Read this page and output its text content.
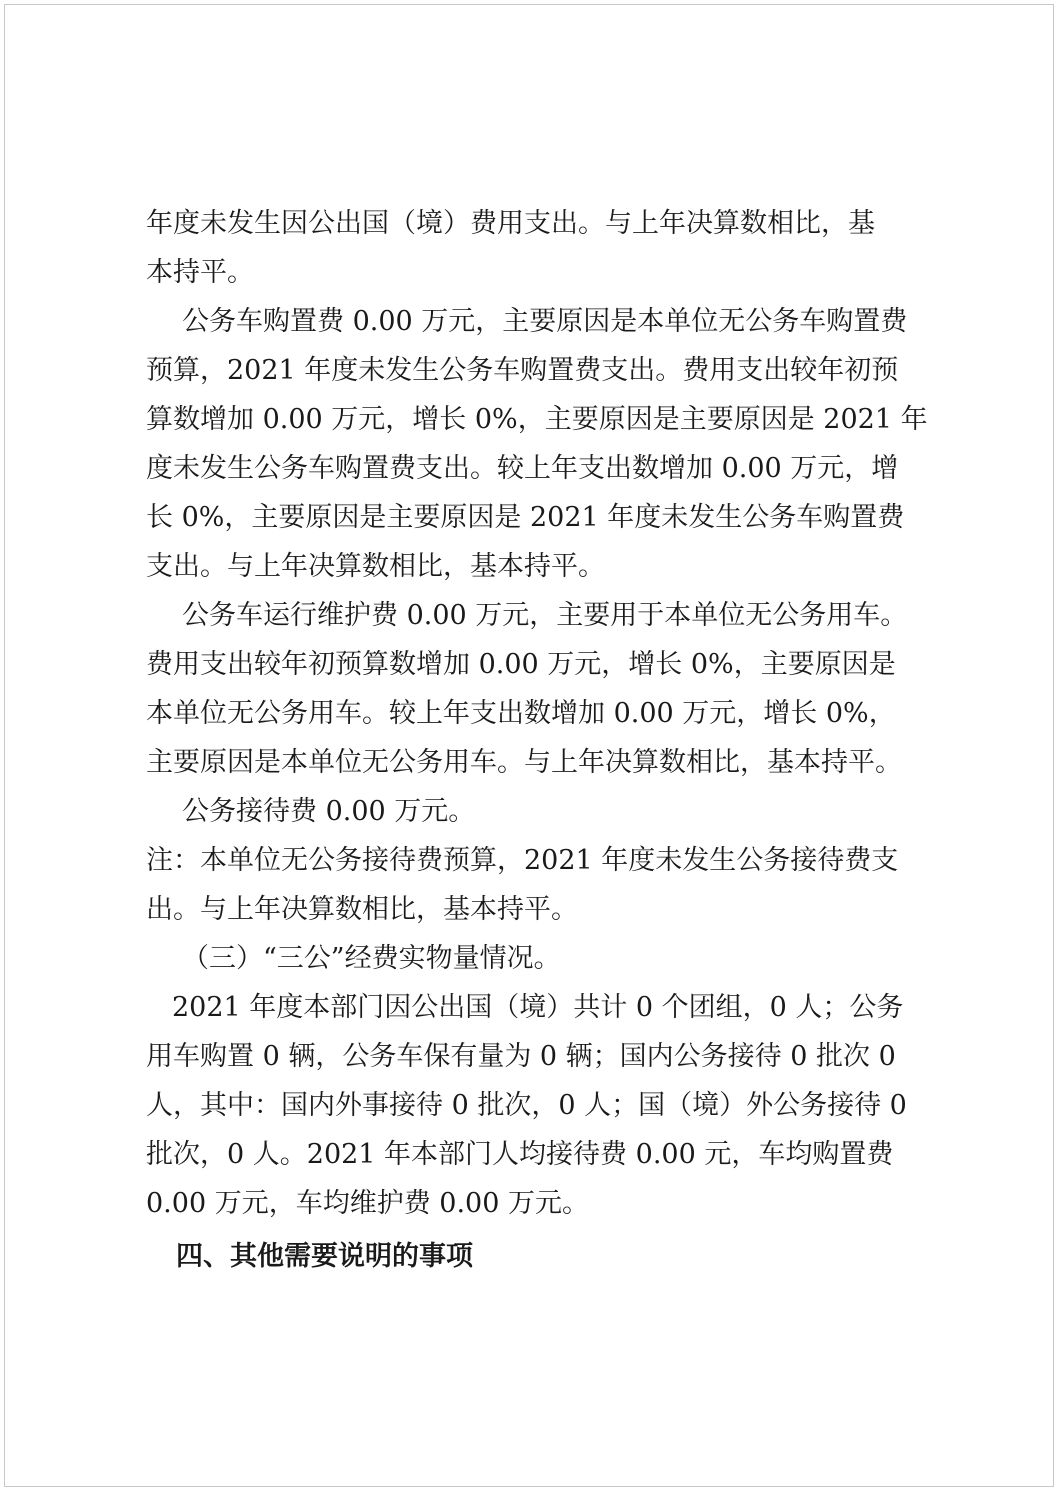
年度未发生因公出国（境）费用支出。与上年决算数相比，基
本持平。
公务车购置费 0.00 万元，主要原因是本单位无公务车购置费
预算，2021 年度未发生公务车购置费支出。费用支出较年初预
算数增加 0.00 万元，增长 0%，主要原因是主要原因是 2021 年
度未发生公务车购置费支出。较上年支出数增加 0.00 万元，增
长 0%，主要原因是主要原因是 2021 年度未发生公务车购置费
支出。与上年决算数相比，基本持平。
公务车运行维护费 0.00 万元，主要用于本单位无公务用车。
费用支出较年初预算数增加 0.00 万元，增长 0%，主要原因是
本单位无公务用车。较上年支出数增加 0.00 万元，增长 0%，
主要原因是本单位无公务用车。与上年决算数相比，基本持平。
公务接待费 0.00 万元。
注：本单位无公务接待费预算，2021 年度未发生公务接待费支
出。与上年决算数相比，基本持平。
（三）“三公”经费实物量情况。
2021 年度本部门因公出国（境）共计 0 个团组，0 人；公务
用车购置 0 辆，公务车保有量为 0 辆；国内公务接待 0 批次 0
人，其中：国内外事接待 0 批次，0 人；国（境）外公务接待 0
批次，0 人。2021 年本部门人均接待费 0.00 元，车均购置费
0.00 万元，车均维护费 0.00 万元。
四、其他需要说明的事项
